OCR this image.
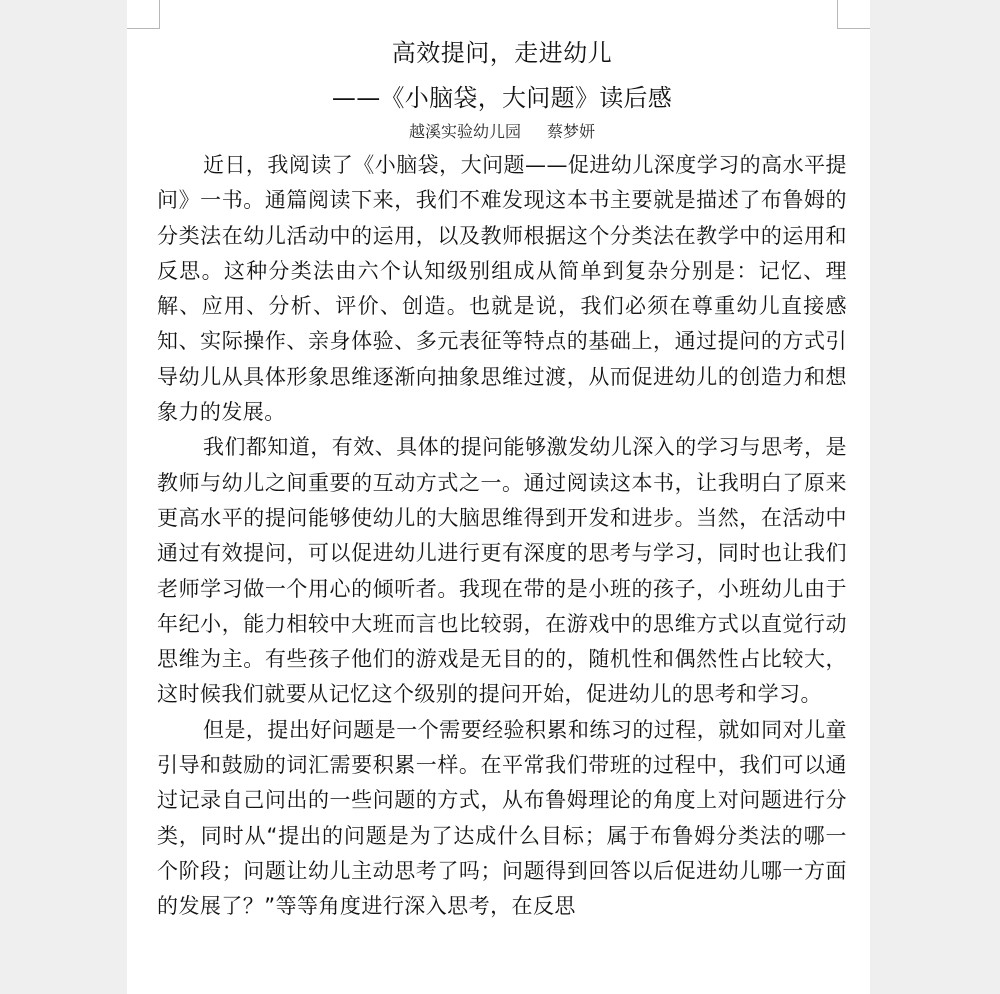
高效提问，走进幼儿
——《小脑袋，大问题》读后感
越溪实验幼儿园 蔡梦妍

近日，我阅读了《小脑袋，大问题——促进幼儿深度学习的高水平提问》一书。通篇阅读下来，我们不难发现这本书主要就是描述了布鲁姆的分类法在幼儿活动中的运用，以及教师根据这个分类法在教学中的运用和反思。这种分类法由六个认知级别组成从简单到复杂分别是：记忆、理解、应用、分析、评价、创造。也就是说，我们必须在尊重幼儿直接感知、实际操作、亲身体验、多元表征等特点的基础上，通过提问的方式引导幼儿从具体形象思维逐渐向抽象思维过渡，从而促进幼儿的创造力和想象力的发展。

我们都知道，有效、具体的提问能够激发幼儿深入的学习与思考，是教师与幼儿之间重要的互动方式之一。通过阅读这本书，让我明白了原来更高水平的提问能够使幼儿的大脑思维得到开发和进步。当然，在活动中通过有效提问，可以促进幼儿进行更有深度的思考与学习，同时也让我们老师学习做一个用心的倾听者。我现在带的是小班的孩子，小班幼儿由于年纪小，能力相较中大班而言也比较弱，在游戏中的思维方式以直觉行动思维为主。有些孩子他们的游戏是无目的的，随机性和偶然性占比较大，这时候我们就要从记忆这个级别的提问开始，促进幼儿的思考和学习。

但是，提出好问题是一个需要经验积累和练习的过程，就如同对儿童引导和鼓励的词汇需要积累一样。在平常我们带班的过程中，我们可以通过记录自己问出的一些问题的方式，从布鲁姆理论的角度上对问题进行分类，同时从“提出的问题是为了达成什么目标；属于布鲁姆分类法的哪一个阶段；问题让幼儿主动思考了吗；问题得到回答以后促进幼儿哪一方面的发展了？”等等角度进行深入思考，在反思
